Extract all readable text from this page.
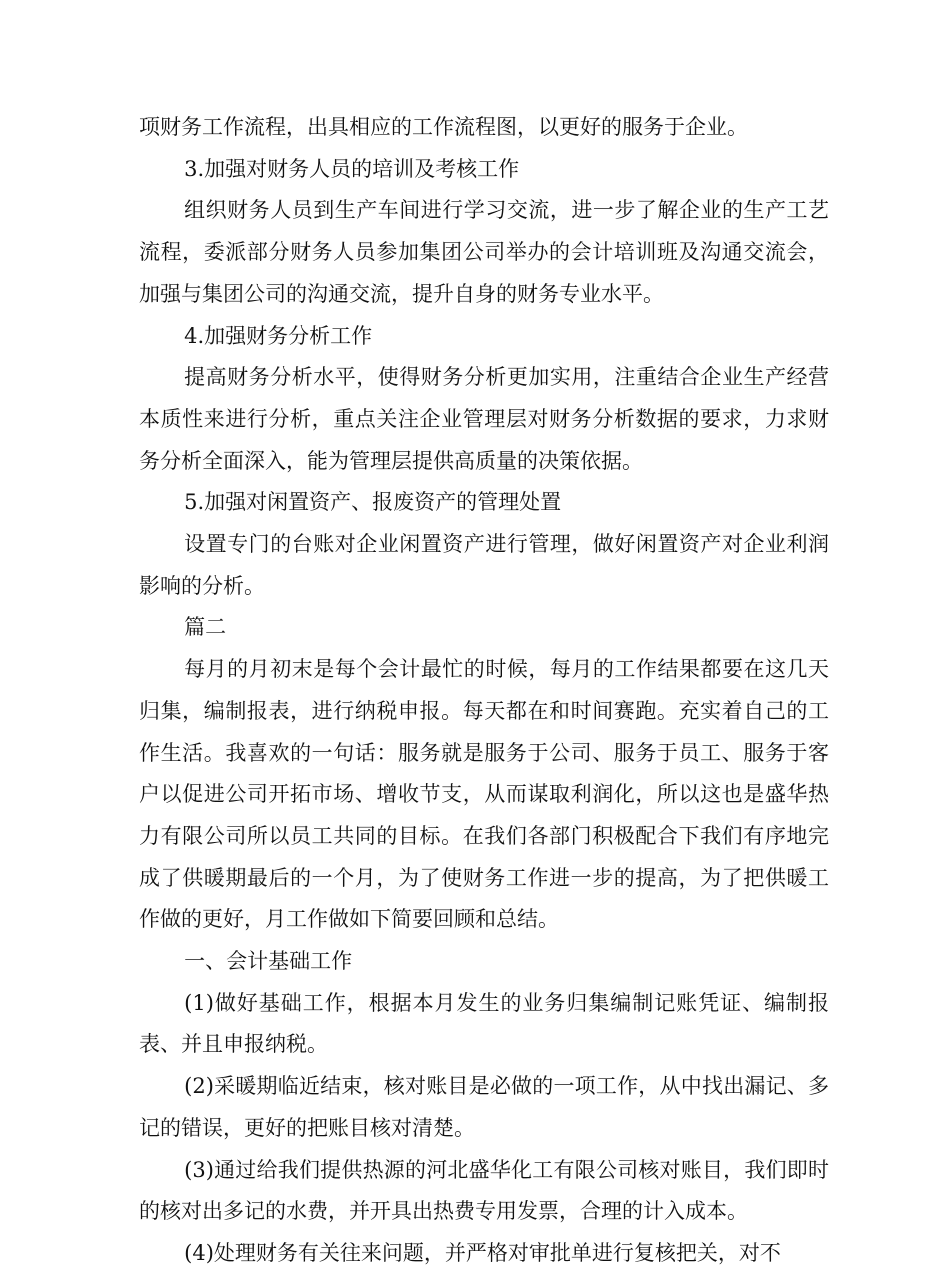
项财务工作流程，出具相应的工作流程图，以更好的服务于企业。

3.加强对财务人员的培训及考核工作

组织财务人员到生产车间进行学习交流，进一步了解企业的生产工艺流程，委派部分财务人员参加集团公司举办的会计培训班及沟通交流会，加强与集团公司的沟通交流，提升自身的财务专业水平。

4.加强财务分析工作

提高财务分析水平，使得财务分析更加实用，注重结合企业生产经营本质性来进行分析，重点关注企业管理层对财务分析数据的要求，力求财务分析全面深入，能为管理层提供高质量的决策依据。

5.加强对闲置资产、报废资产的管理处置

设置专门的台账对企业闲置资产进行管理，做好闲置资产对企业利润影响的分析。

篇二

每月的月初末是每个会计最忙的时候，每月的工作结果都要在这几天归集，编制报表，进行纳税申报。每天都在和时间赛跑。充实着自己的工作生活。我喜欢的一句话：服务就是服务于公司、服务于员工、服务于客户以促进公司开拓市场、增收节支，从而谋取利润化，所以这也是盛华热力有限公司所以员工共同的目标。在我们各部门积极配合下我们有序地完成了供暖期最后的一个月，为了使财务工作进一步的提高，为了把供暖工作做的更好，月工作做如下简要回顾和总结。

一、会计基础工作

(1)做好基础工作，根据本月发生的业务归集编制记账凭证、编制报表、并且申报纳税。

(2)采暖期临近结束，核对账目是必做的一项工作，从中找出漏记、多记的错误，更好的把账目核对清楚。

(3)通过给我们提供热源的河北盛华化工有限公司核对账目，我们即时的核对出多记的水费，并开具出热费专用发票，合理的计入成本。

(4)处理财务有关往来问题，并严格对审批单进行复核把关，对不
